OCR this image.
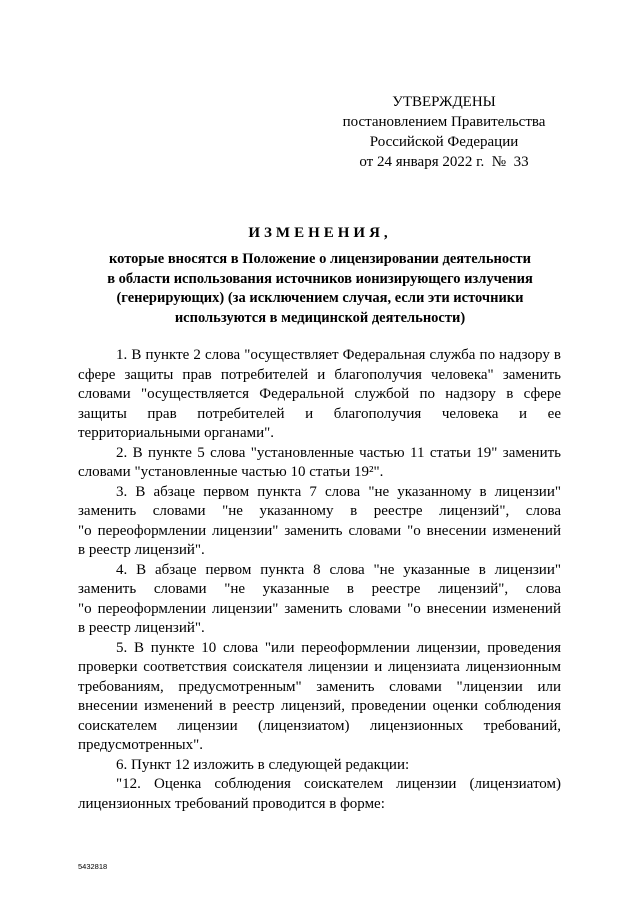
УТВЕРЖДЕНЫ
постановлением Правительства
Российской Федерации
от 24 января 2022 г.  №  33
ИЗМЕНЕНИЯ,
которые вносятся в Положение о лицензировании деятельности
в области использования источников ионизирующего излучения
(генерирующих) (за исключением случая, если эти источники
используются в медицинской деятельности)
1. В пункте 2 слова "осуществляет Федеральная служба по надзору в
сфере защиты прав потребителей и благополучия человека" заменить
словами "осуществляется Федеральной службой по надзору в сфере
защиты прав потребителей и благополучия человека и ее
территориальными органами".
2. В пункте 5 слова "установленные частью 11 статьи 19" заменить
словами "установленные частью 10 статьи 19²".
3. В абзаце первом пункта 7 слова "не указанному в лицензии"
заменить словами "не указанному в реестре лицензий", слова
"о переоформлении лицензии" заменить словами "о внесении изменений
в реестр лицензий".
4. В абзаце первом пункта 8 слова "не указанные в лицензии"
заменить словами "не указанные в реестре лицензий", слова
"о переоформлении лицензии" заменить словами "о внесении изменений
в реестр лицензий".
5. В пункте 10 слова "или переоформлении лицензии, проведения
проверки соответствия соискателя лицензии и лицензиата лицензионным
требованиям, предусмотренным" заменить словами "лицензии или
внесении изменений в реестр лицензий, проведении оценки соблюдения
соискателем лицензии (лицензиатом) лицензионных требований,
предусмотренных".
6. Пункт 12 изложить в следующей редакции:
"12. Оценка соблюдения соискателем лицензии (лицензиатом)
лицензионных требований проводится в форме:
5432818
